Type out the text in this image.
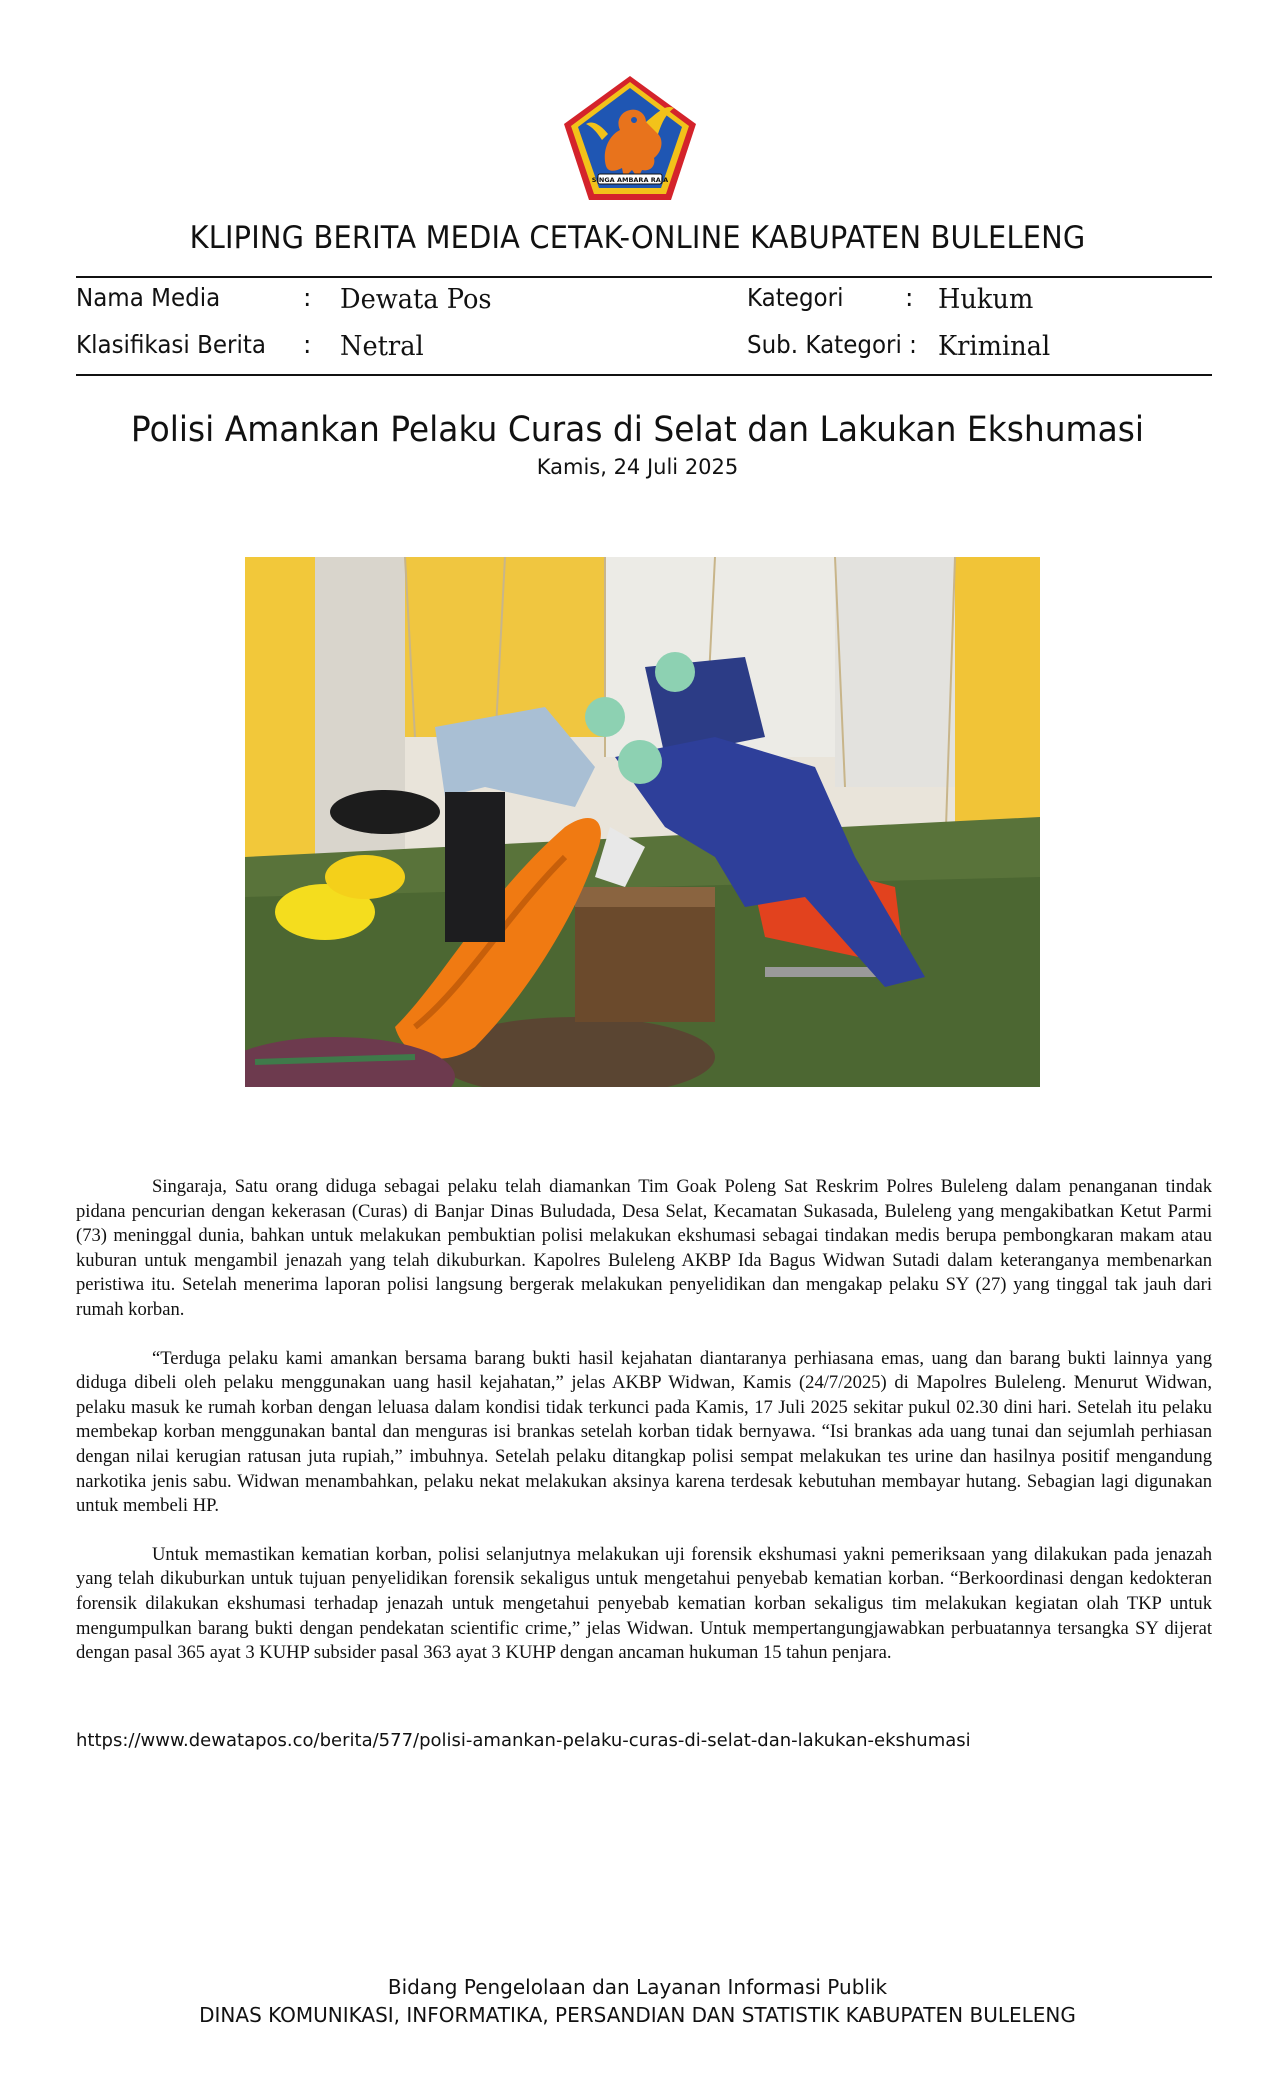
SINGA AMBARA RAJA
KLIPING BERITA MEDIA CETAK-ONLINE KABUPATEN BULELENG
Nama Media	: Dewata Pos	Kategori : Hukum
Klasifikasi Berita : Netral	Sub. Kategori : Kriminal
Polisi Amankan Pelaku Curas di Selat dan Lakukan Ekshumasi
Kamis, 24 Juli 2025

Singaraja, Satu orang diduga sebagai pelaku telah diamankan Tim Goak Poleng Sat Reskrim Polres Buleleng dalam penanganan tindak pidana pencurian dengan kekerasan (Curas) di Banjar Dinas Buludada, Desa Selat, Kecamatan Sukasada, Buleleng yang mengakibatkan Ketut Parmi (73) meninggal dunia, bahkan untuk melakukan pembuktian polisi melakukan ekshumasi sebagai tindakan medis berupa pembongkaran makam atau kuburan untuk mengambil jenazah yang telah dikuburkan. Kapolres Buleleng AKBP Ida Bagus Widwan Sutadi dalam keteranganya membenarkan peristiwa itu. Setelah menerima laporan polisi langsung bergerak melakukan penyelidikan dan mengakap pelaku SY (27) yang tinggal tak jauh dari rumah korban.

“Terduga pelaku kami amankan bersama barang bukti hasil kejahatan diantaranya perhiasana emas, uang dan barang bukti lainnya yang diduga dibeli oleh pelaku menggunakan uang hasil kejahatan,” jelas AKBP Widwan, Kamis (24/7/2025) di Mapolres Buleleng. Menurut Widwan, pelaku masuk ke rumah korban dengan leluasa dalam kondisi tidak terkunci pada Kamis, 17 Juli 2025 sekitar pukul 02.30 dini hari. Setelah itu pelaku membekap korban menggunakan bantal dan menguras isi brankas setelah korban tidak bernyawa. “Isi brankas ada uang tunai dan sejumlah perhiasan dengan nilai kerugian ratusan juta rupiah,” imbuhnya. Setelah pelaku ditangkap polisi sempat melakukan tes urine dan hasilnya positif mengandung narkotika jenis sabu. Widwan menambahkan, pelaku nekat melakukan aksinya karena terdesak kebutuhan membayar hutang. Sebagian lagi digunakan untuk membeli HP.

Untuk memastikan kematian korban, polisi selanjutnya melakukan uji forensik ekshumasi yakni pemeriksaan yang dilakukan pada jenazah yang telah dikuburkan untuk tujuan penyelidikan forensik sekaligus untuk mengetahui penyebab kematian korban. “Berkoordinasi dengan kedokteran forensik dilakukan ekshumasi terhadap jenazah untuk mengetahui penyebab kematian korban sekaligus tim melakukan kegiatan olah TKP untuk mengumpulkan barang bukti dengan pendekatan scientific crime,” jelas Widwan. Untuk mempertangungjawabkan perbuatannya tersangka SY dijerat dengan pasal 365 ayat 3 KUHP subsider pasal 363 ayat 3 KUHP dengan ancaman hukuman 15 tahun penjara.

https://www.dewatapos.co/berita/577/polisi-amankan-pelaku-curas-di-selat-dan-lakukan-ekshumasi
Bidang Pengelolaan dan Layanan Informasi Publik
DINAS KOMUNIKASI, INFORMATIKA, PERSANDIAN DAN STATISTIK KABUPATEN BULELENG
